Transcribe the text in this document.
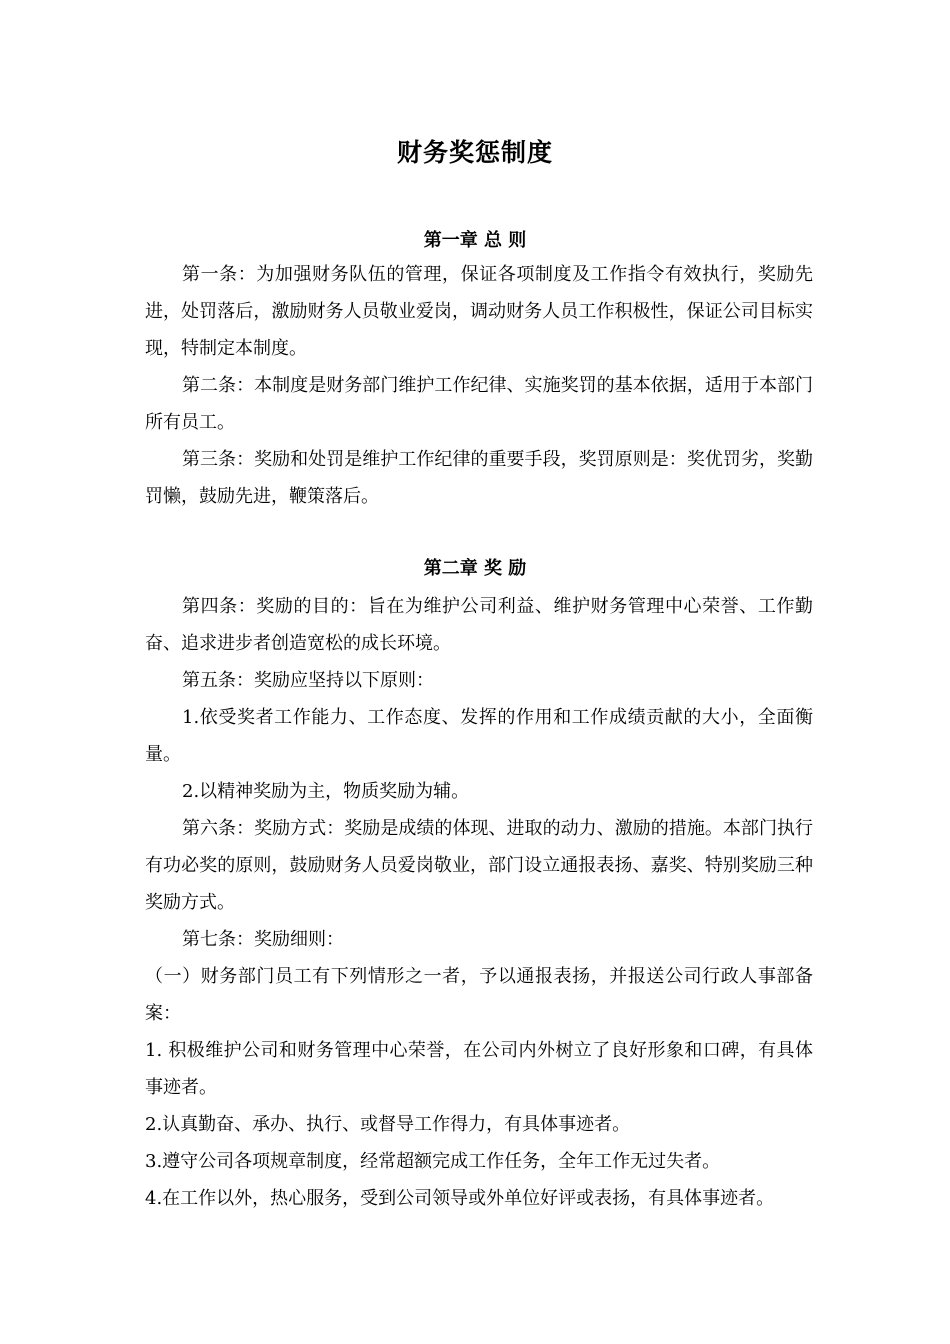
财务奖惩制度
第一章 总 则

第一条：为加强财务队伍的管理，保证各项制度及工作指令有效执行，奖励先进，处罚落后，激励财务人员敬业爱岗，调动财务人员工作积极性，保证公司目标实现，特制定本制度。

第二条：本制度是财务部门维护工作纪律、实施奖罚的基本依据，适用于本部门所有员工。

第三条：奖励和处罚是维护工作纪律的重要手段，奖罚原则是：奖优罚劣，奖勤罚懒，鼓励先进，鞭策落后。

第二章 奖 励

第四条：奖励的目的：旨在为维护公司利益、维护财务管理中心荣誉、工作勤奋、追求进步者创造宽松的成长环境。

第五条：奖励应坚持以下原则：

1.依受奖者工作能力、工作态度、发挥的作用和工作成绩贡献的大小，全面衡量。

2.以精神奖励为主，物质奖励为辅。

第六条：奖励方式：奖励是成绩的体现、进取的动力、激励的措施。本部门执行有功必奖的原则，鼓励财务人员爱岗敬业，部门设立通报表扬、嘉奖、特别奖励三种奖励方式。

第七条：奖励细则：

（一）财务部门员工有下列情形之一者，予以通报表扬，并报送公司行政人事部备案：

1. 积极维护公司和财务管理中心荣誉，在公司内外树立了良好形象和口碑，有具体事迹者。

2.认真勤奋、承办、执行、或督导工作得力，有具体事迹者。

3.遵守公司各项规章制度，经常超额完成工作任务，全年工作无过失者。

4.在工作以外，热心服务，受到公司领导或外单位好评或表扬，有具体事迹者。
